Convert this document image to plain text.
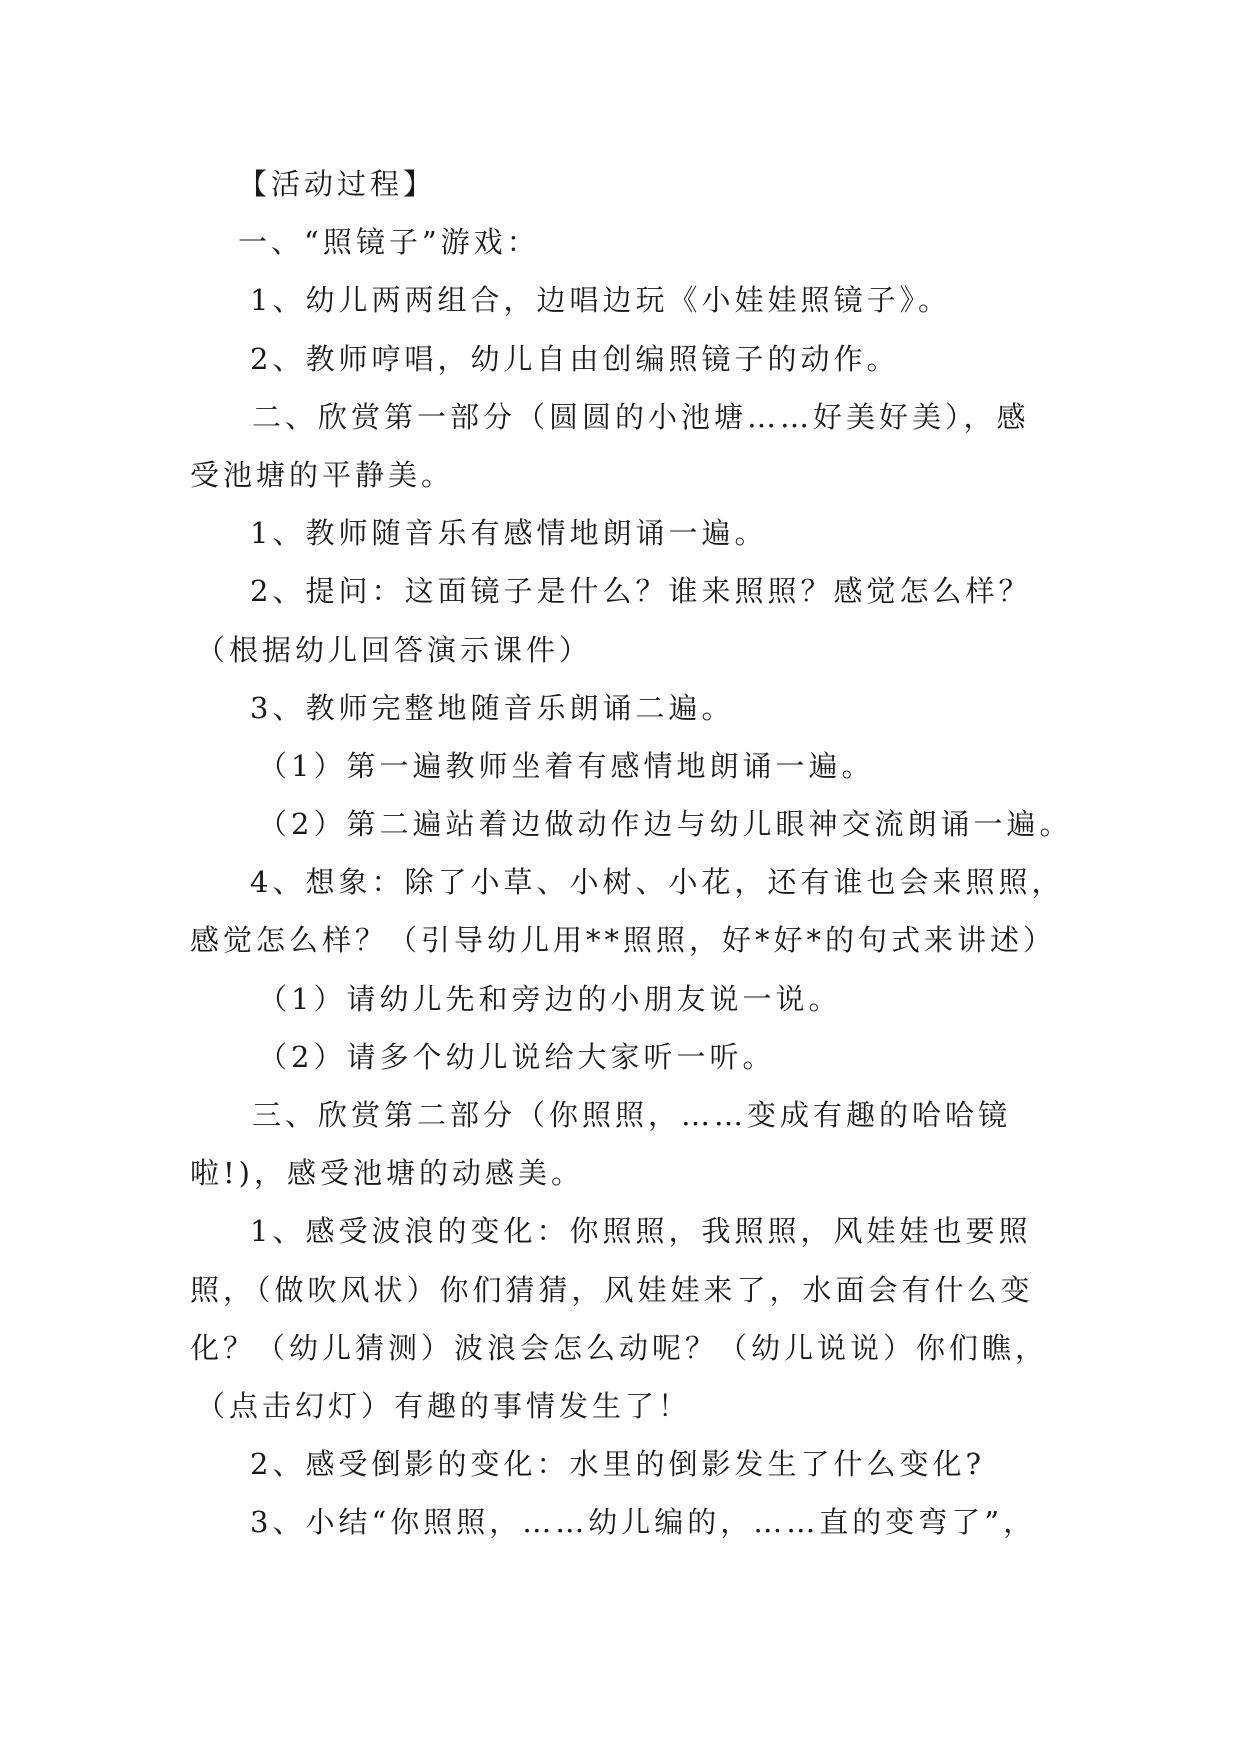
【活动过程】
一、“照镜子”游戏：
1、幼儿两两组合，边唱边玩《小娃娃照镜子》。
2、教师哼唱，幼儿自由创编照镜子的动作。
二、欣赏第一部分（圆圆的小池塘……好美好美），感
受池塘的平静美。
1、教师随音乐有感情地朗诵一遍。
2、提问：这面镜子是什么？谁来照照？感觉怎么样？
（根据幼儿回答演示课件）
3、教师完整地随音乐朗诵二遍。
（1）第一遍教师坐着有感情地朗诵一遍。
（2）第二遍站着边做动作边与幼儿眼神交流朗诵一遍。
4、想象：除了小草、小树、小花，还有谁也会来照照，
感觉怎么样？（引导幼儿用**照照，好*好*的句式来讲述）
（1）请幼儿先和旁边的小朋友说一说。
（2）请多个幼儿说给大家听一听。
三、欣赏第二部分（你照照，……变成有趣的哈哈镜
啦!)，感受池塘的动感美。
1、感受波浪的变化：你照照，我照照，风娃娃也要照
照，（做吹风状）你们猜猜，风娃娃来了，水面会有什么变
化？（幼儿猜测）波浪会怎么动呢？（幼儿说说）你们瞧，
（点击幻灯）有趣的事情发生了！
2、感受倒影的变化：水里的倒影发生了什么变化?
3、小结“你照照，……幼儿编的，……直的变弯了”，
